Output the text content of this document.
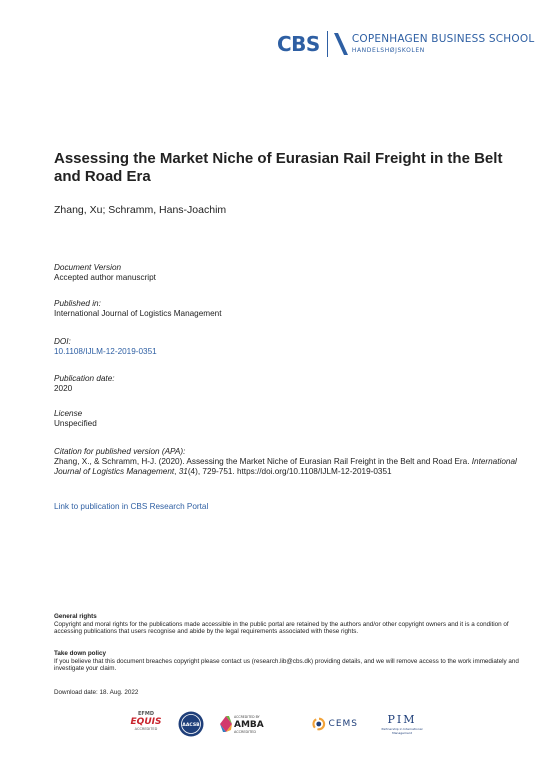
CBS	COPENHAGEN BUSINESS SCHOOL
HANDELSHØJSKOLEN
Assessing the Market Niche of Eurasian Rail Freight in the Belt and Road Era
Zhang, Xu; Schramm, Hans-Joachim
Document Version
Accepted author manuscript
Published in:
International Journal of Logistics Management
DOI:
10.1108/IJLM-12-2019-0351
Publication date:
2020
License
Unspecified
Citation for published version (APA):
Zhang, X., & Schramm, H-J. (2020). Assessing the Market Niche of Eurasian Rail Freight in the Belt and Road Era. International Journal of Logistics Management, 31(4), 729-751. https://doi.org/10.1108/IJLM-12-2019-0351
Link to publication in CBS Research Portal
General rights
Copyright and moral rights for the publications made accessible in the public portal are retained by the authors and/or other copyright owners and it is a condition of accessing publications that users recognise and abide by the legal requirements associated with these rights.
Take down policy
If you believe that this document breaches copyright please contact us (research.lib@cbs.dk) providing details, and we will remove access to the work immediately and investigate your claim.
Download date: 18. Aug. 2022
EFMD
EQUIS
ACCREDITED
AACSB
ACCREDITED BY
AMBA
ACCREDITED
CEMS	PIM
Partnership in International Management
